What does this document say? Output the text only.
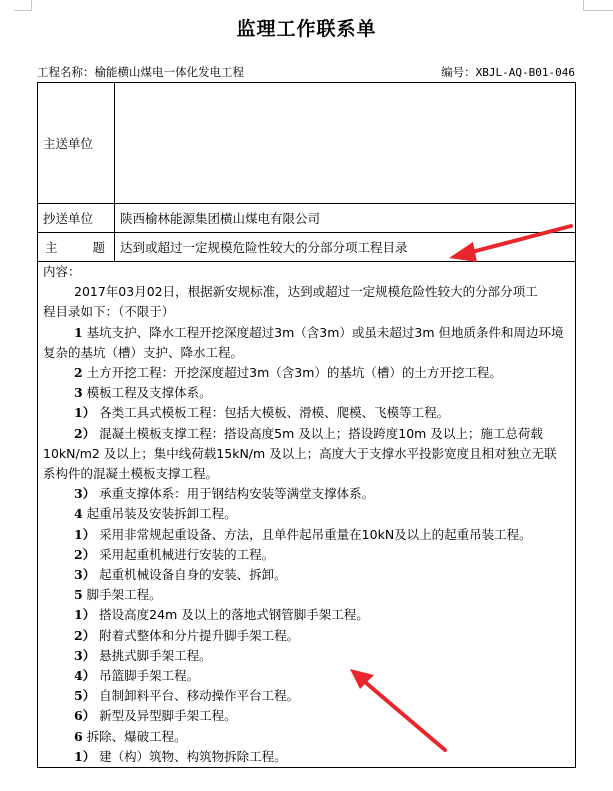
监理工作联系单
工程名称：榆能横山煤电一体化发电工程	编号：XBJL-AQ-B01-046
主送单位	
抄送单位	陕西榆林能源集团横山煤电有限公司

主 题	达到或超过一定规模危险性较大的分部分项工程目录

内容：
2017年03月02日，根据新安规标准，达到或超过一定规模危险性较大的分部分项工
程目录如下：（不限于）
1 基坑支护、降水工程开挖深度超过3m（含3m）或虽未超过3m 但地质条件和周边环境
复杂的基坑（槽）支护、降水工程。
2 土方开挖工程：开挖深度超过3m（含3m）的基坑（槽）的土方开挖工程。
3 模板工程及支撑体系。
1） 各类工具式模板工程：包括大模板、滑模、爬模、飞模等工程。
2） 混凝土模板支撑工程：搭设高度5m 及以上；搭设跨度10m 及以上；施工总荷载
10kN/m2 及以上；集中线荷载15kN/m 及以上；高度大于支撑水平投影宽度且相对独立无联
系构件的混凝土模板支撑工程。
3） 承重支撑体系：用于钢结构安装等满堂支撑体系。
4 起重吊装及安装拆卸工程。
1） 采用非常规起重设备、方法，且单件起吊重量在10kN及以上的起重吊装工程。
2） 采用起重机械进行安装的工程。
3） 起重机械设备自身的安装、拆卸。
5 脚手架工程。
1） 搭设高度24m 及以上的落地式钢管脚手架工程。
2） 附着式整体和分片提升脚手架工程。
3） 悬挑式脚手架工程。
4） 吊篮脚手架工程。
5） 自制卸料平台、移动操作平台工程。
6） 新型及异型脚手架工程。
6 拆除、爆破工程。
1） 建（构）筑物、构筑物拆除工程。
